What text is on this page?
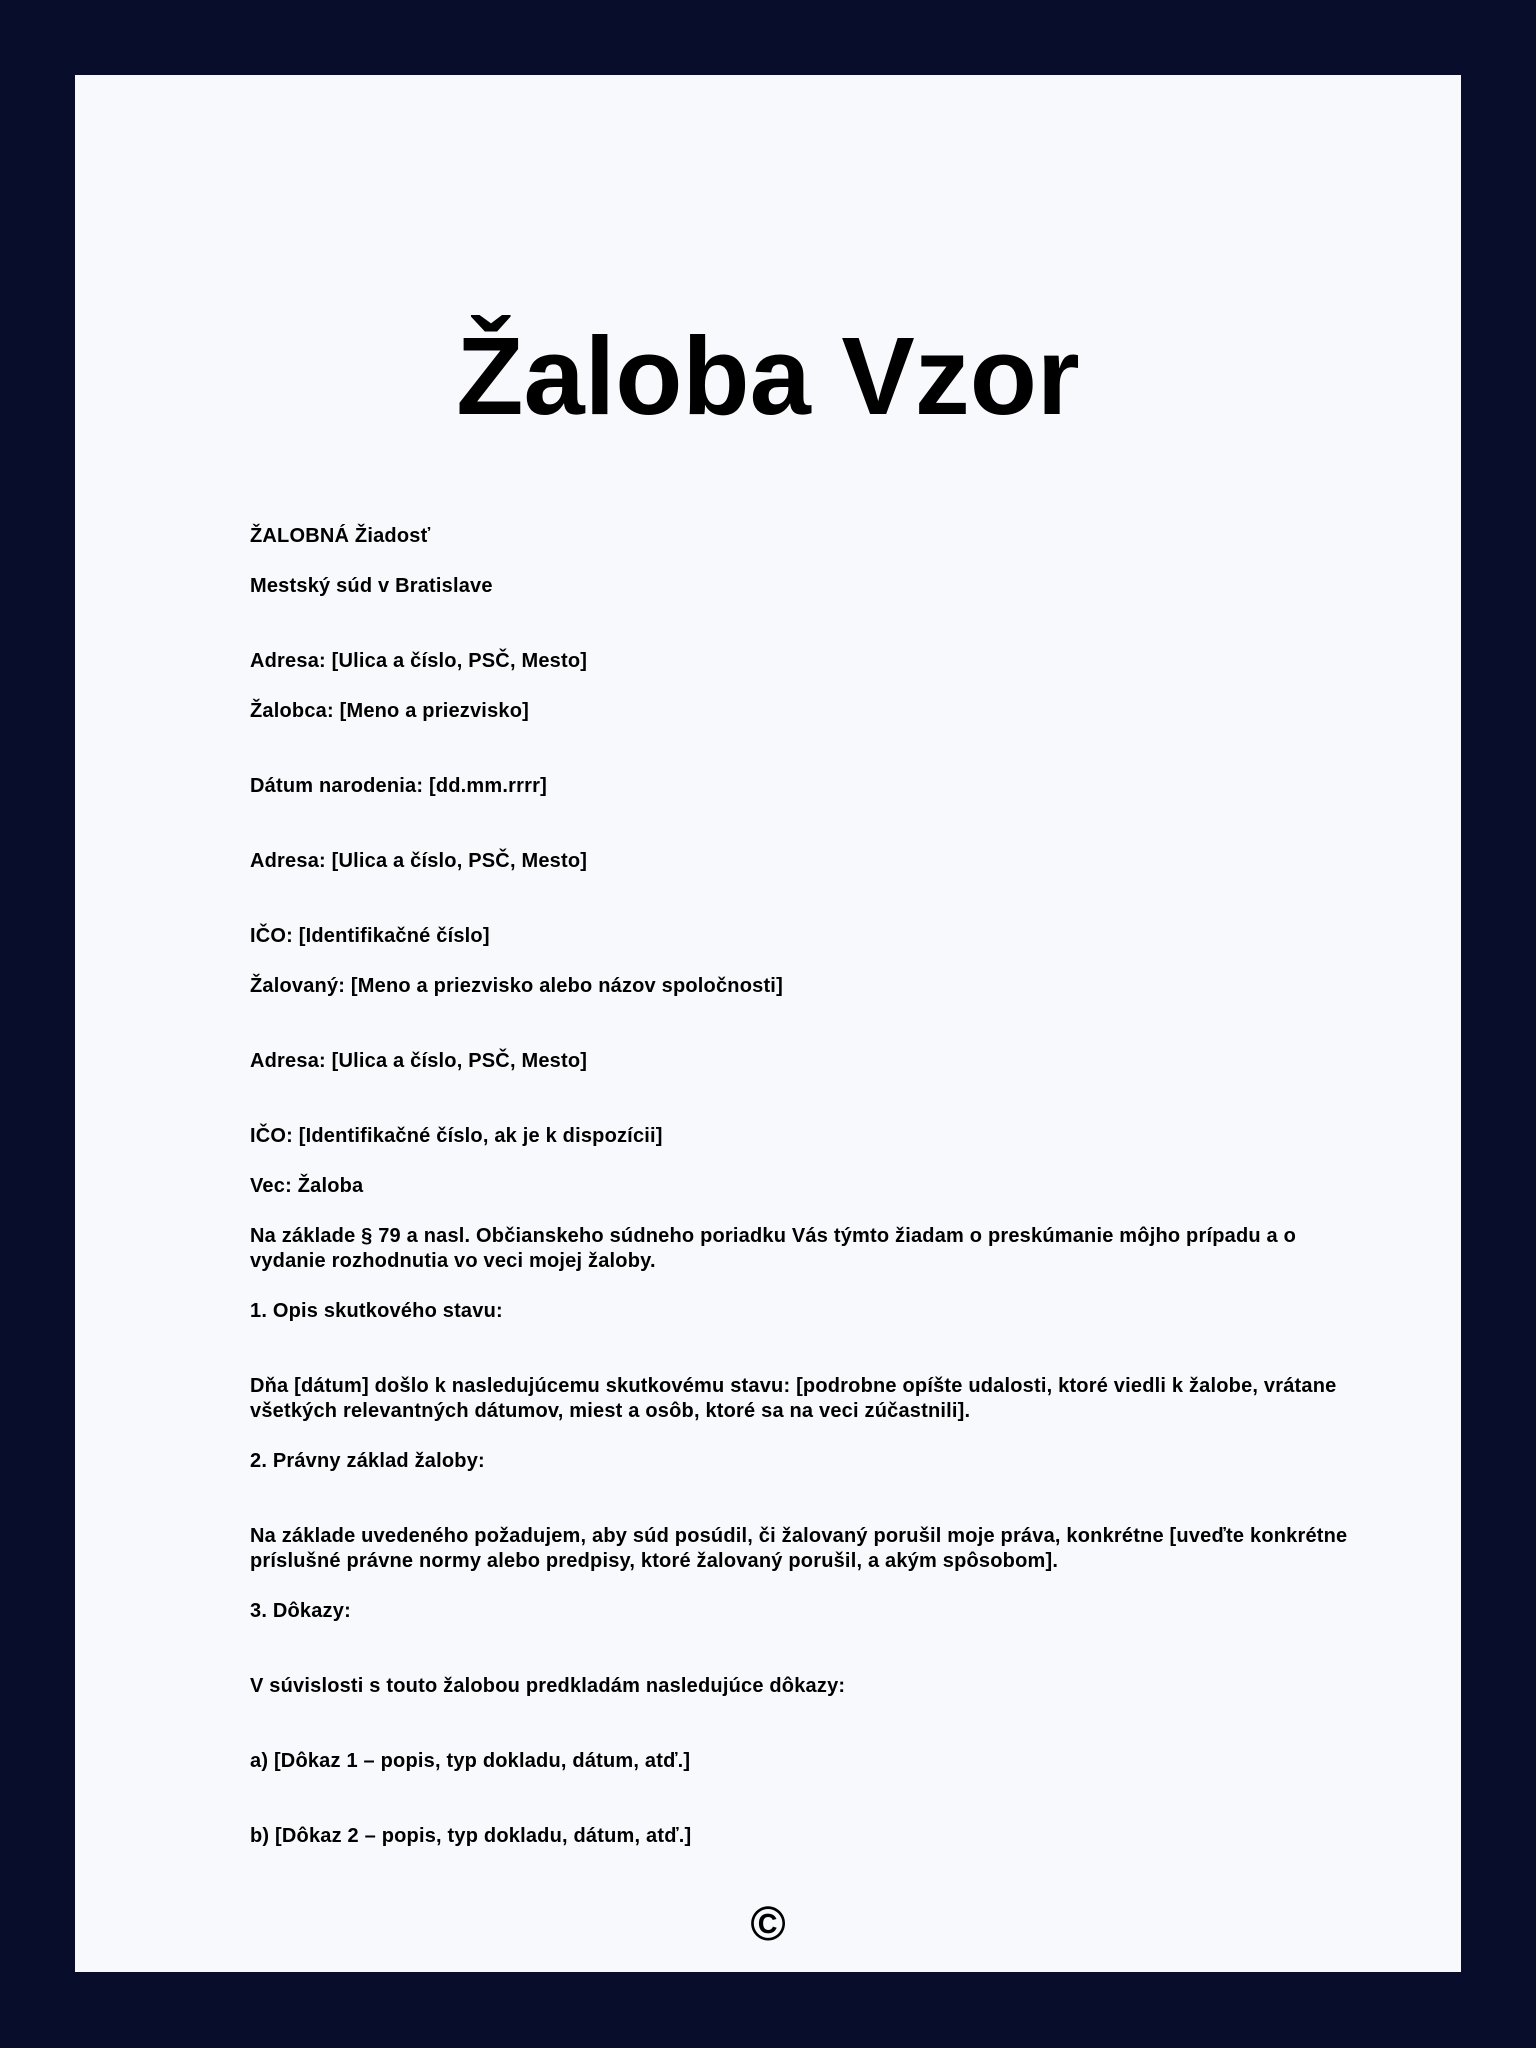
Žaloba Vzor

ŽALOBNÁ Žiadosť

Mestský súd v Bratislave

Adresa: [Ulica a číslo, PSČ, Mesto]

Žalobca: [Meno a priezvisko]

Dátum narodenia: [dd.mm.rrrr]

Adresa: [Ulica a číslo, PSČ, Mesto]

IČO: [Identifikačné číslo]

Žalovaný: [Meno a priezvisko alebo názov spoločnosti]

Adresa: [Ulica a číslo, PSČ, Mesto]

IČO: [Identifikačné číslo, ak je k dispozícii]

Vec: Žaloba

Na základe § 79 a nasl. Občianskeho súdneho poriadku Vás týmto žiadam o preskúmanie môjho prípadu a o vydanie rozhodnutia vo veci mojej žaloby.

1. Opis skutkového stavu:

Dňa [dátum] došlo k nasledujúcemu skutkovému stavu: [podrobne opíšte udalosti, ktoré viedli k žalobe, vrátane všetkých relevantných dátumov, miest a osôb, ktoré sa na veci zúčastnili].

2. Právny základ žaloby:

Na základe uvedeného požadujem, aby súd posúdil, či žalovaný porušil moje práva, konkrétne [uveďte konkrétne príslušné právne normy alebo predpisy, ktoré žalovaný porušil, a akým spôsobom].

3. Dôkazy:

V súvislosti s touto žalobou predkladám nasledujúce dôkazy:

a) [Dôkaz 1 – popis, typ dokladu, dátum, atď.]

b) [Dôkaz 2 – popis, typ dokladu, dátum, atď.]

©
